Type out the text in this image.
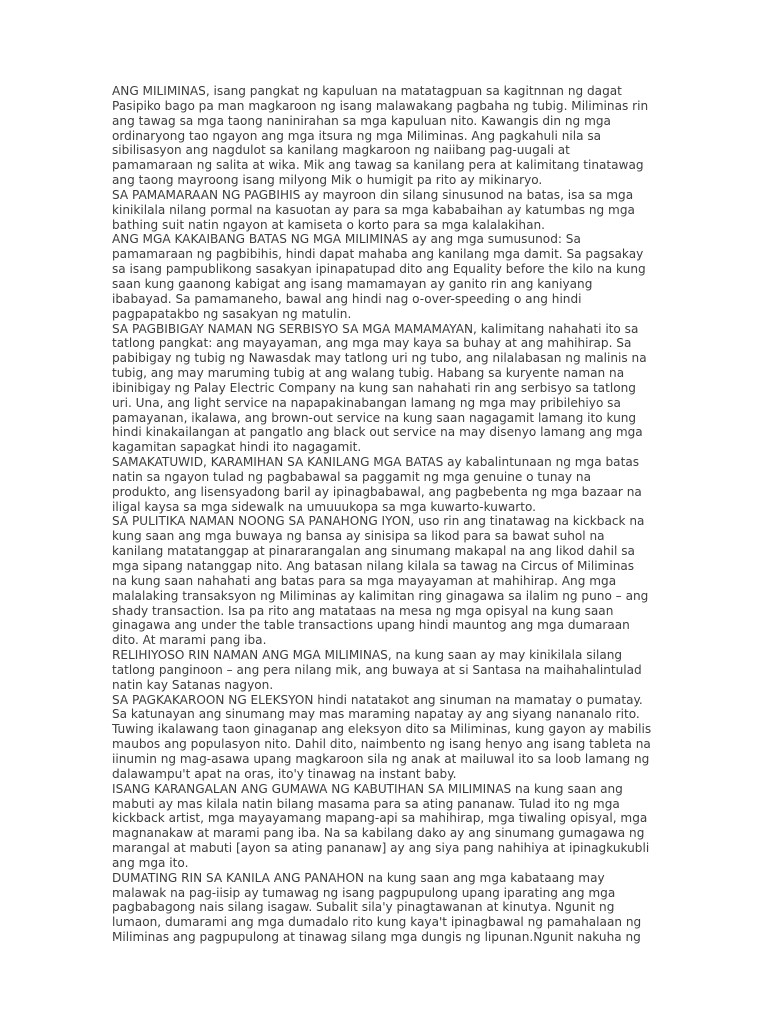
ANG MILIMINAS, isang pangkat ng kapuluan na matatagpuan sa kagitnnan ng dagat Pasipiko bago pa man magkaroon ng isang malawakang pagbaha ng tubig. Miliminas rin ang tawag sa mga taong naninirahan sa mga kapuluan nito. Kawangis din ng mga ordinaryong tao ngayon ang mga itsura ng mga Miliminas. Ang pagkahuli nila sa sibilisasyon ang nagdulot sa kanilang magkaroon ng naiibang pag-uugali at pamamaraan ng salita at wika. Mik ang tawag sa kanilang pera at kalimitang tinatawag ang taong mayroong isang milyong Mik o humigit pa rito ay mikinaryo.

SA PAMAMARAAN NG PAGBIHIS ay mayroon din silang sinusunod na batas, isa sa mga kinikilala nilang pormal na kasuotan ay para sa mga kababaihan ay katumbas ng mga bathing suit natin ngayon at kamiseta o korto para sa mga kalalakihan.

ANG MGA KAKAIBANG BATAS NG MGA MILIMINAS ay ang mga sumusunod: Sa pamamaraan ng pagbibihis, hindi dapat mahaba ang kanilang mga damit. Sa pagsakay sa isang pampublikong sasakyan ipinapatupad dito ang Equality before the kilo na kung saan kung gaanong kabigat ang isang mamamayan ay ganito rin ang kaniyang ibabayad. Sa pamamaneho, bawal ang hindi nag o-over-speeding o ang hindi pagpapatakbo ng sasakyan ng matulin.

SA PAGBIBIGAY NAMAN NG SERBISYO SA MGA MAMAMAYAN, kalimitang nahahati ito sa tatlong pangkat: ang mayayaman, ang mga may kaya sa buhay at ang mahihirap. Sa pabibigay ng tubig ng Nawasdak may tatlong uri ng tubo, ang nilalabasan ng malinis na tubig, ang may maruming tubig at ang walang tubig. Habang sa kuryente naman na ibinibigay ng Palay Electric Company na kung san nahahati rin ang serbisyo sa tatlong uri. Una, ang light service na napapakinabangan lamang ng mga may pribilehiyo sa pamayanan, ikalawa, ang brown-out service na kung saan nagagamit lamang ito kung hindi kinakailangan at pangatlo ang black out service na may disenyo lamang ang mga kagamitan sapagkat hindi ito nagagamit.

SAMAKATUWID, KARAMIHAN SA KANILANG MGA BATAS ay kabalintunaan ng mga batas natin sa ngayon tulad ng pagbabawal sa paggamit ng mga genuine o tunay na produkto, ang lisensyadong baril ay ipinagbabawal, ang pagbebenta ng mga bazaar na iligal kaysa sa mga sidewalk na umuuukopa sa mga kuwarto-kuwarto.

SA PULITIKA NAMAN NOONG SA PANAHONG IYON, uso rin ang tinatawag na kickback na kung saan ang mga buwaya ng bansa ay sinisipa sa likod para sa bawat suhol na kanilang matatanggap at pinararangalan ang sinumang makapal na ang likod dahil sa mga sipang natanggap nito. Ang batasan nilang kilala sa tawag na Circus of Miliminas na kung saan nahahati ang batas para sa mga mayayaman at mahihirap. Ang mga malalaking transaksyon ng Miliminas ay kalimitan ring ginagawa sa ilalim ng puno – ang shady transaction. Isa pa rito ang matataas na mesa ng mga opisyal na kung saan ginagawa ang under the table transactions upang hindi mauntog ang mga dumaraan dito. At marami pang iba.

RELIHIYOSO RIN NAMAN ANG MGA MILIMINAS, na kung saan ay may kinikilala silang tatlong panginoon – ang pera nilang mik, ang buwaya at si Santasa na maihahalintulad natin kay Satanas nagyon.

SA PAGKAKAROON NG ELEKSYON hindi natatakot ang sinuman na mamatay o pumatay. Sa katunayan ang sinumang may mas maraming napatay ay ang siyang nananalo rito. Tuwing ikalawang taon ginaganap ang eleksyon dito sa Miliminas, kung gayon ay mabilis maubos ang populasyon nito. Dahil dito, naimbento ng isang henyo ang isang tableta na iinumin ng mag-asawa upang magkaroon sila ng anak at mailuwal ito sa loob lamang ng dalawampu't apat na oras, ito'y tinawag na instant baby.

ISANG KARANGALAN ANG GUMAWA NG KABUTIHAN SA MILIMINAS na kung saan ang mabuti ay mas kilala natin bilang masama para sa ating pananaw. Tulad ito ng mga kickback artist, mga mayayamang mapang-api sa mahihirap, mga tiwaling opisyal, mga magnanakaw at marami pang iba. Na sa kabilang dako ay ang sinumang gumagawa ng marangal at mabuti [ayon sa ating pananaw] ay ang siya pang nahihiya at ipinagkukubli ang mga ito.

DUMATING RIN SA KANILA ANG PANAHON na kung saan ang mga kabataang may malawak na pag-iisip ay tumawag ng isang pagpupulong upang iparating ang mga pagbabagong nais silang isagaw. Subalit sila'y pinagtawanan at kinutya. Ngunit ng lumaon, dumarami ang mga dumadalo rito kung kaya't ipinagbawal ng pamahalaan ng Miliminas ang pagpupulong at tinawag silang mga dungis ng lipunan.Ngunit nakuha ng
